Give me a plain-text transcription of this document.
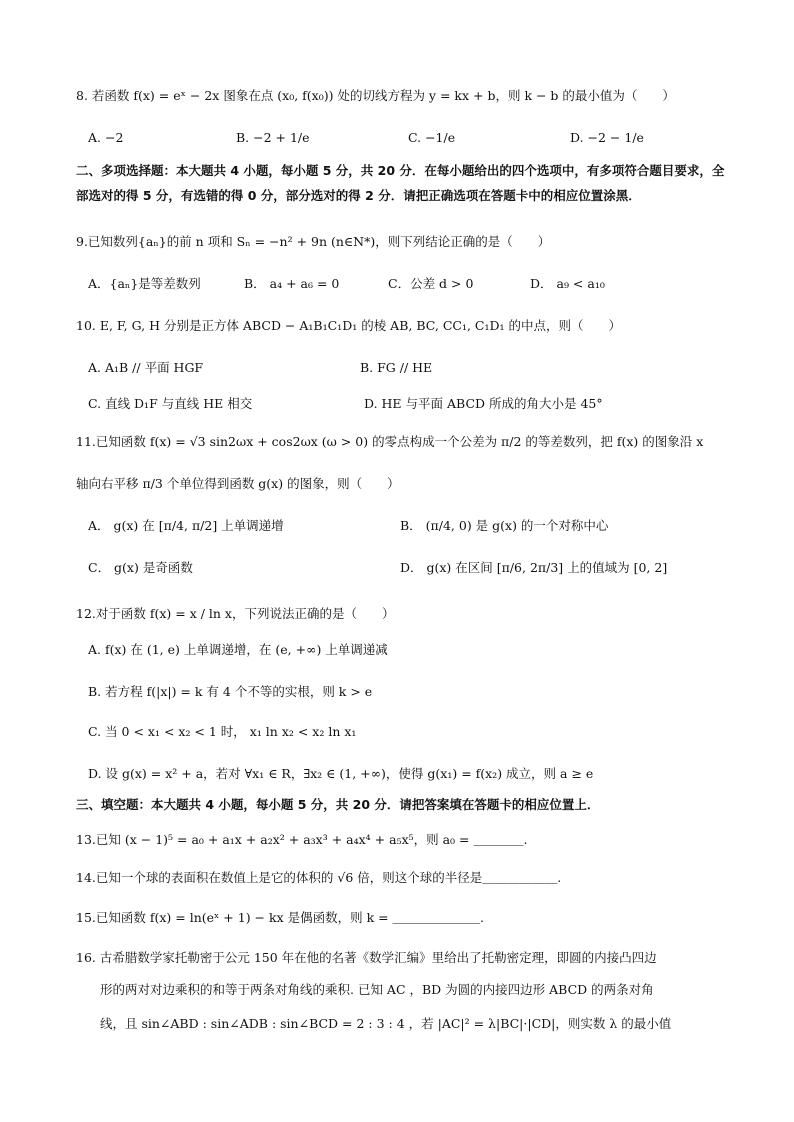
8. 若函数 f(x) = eˣ − 2x 图象在点 (x₀, f(x₀)) 处的切线方程为 y = kx + b，则 k − b 的最小值为（　　）
A. −2	B. −2 + 1/e	C. −1/e	D. −2 − 1/e
二、多项选择题：本大题共 4 小题，每小题 5 分，共 20 分．在每小题给出的四个选项中，有多项符合题目要求，全部选对的得 5 分，有选错的得 0 分，部分选对的得 2 分．请把正确选项在答题卡中的相应位置涂黑．
9.已知数列{aₙ}的前 n 项和 Sₙ = −n² + 9n (n∈N*)，则下列结论正确的是（　　）
A．{aₙ}是等差数列	B． a₄ + a₆ = 0	C．公差 d > 0	D． a₉ < a₁₀
10. E, F, G, H 分别是正方体 ABCD − A₁B₁C₁D₁ 的棱 AB, BC, CC₁, C₁D₁ 的中点，则（　　）
A. A₁B // 平面 HGF	B. FG // HE
C. 直线 D₁F 与直线 HE 相交	D. HE 与平面 ABCD 所成的角大小是 45°
11.已知函数 f(x) = √3 sin2ωx + cos2ωx (ω > 0) 的零点构成一个公差为 π/2 的等差数列，把 f(x) 的图象沿 x
轴向右平移 π/3 个单位得到函数 g(x) 的图象，则（　　）
A． g(x) 在 [π/4, π/2] 上单调递增	B． (π/4, 0) 是 g(x) 的一个对称中心
C． g(x) 是奇函数	D． g(x) 在区间 [π/6, 2π/3] 上的值域为 [0, 2]
12.对于函数 f(x) = x / ln x，下列说法正确的是（　　）
A. f(x) 在 (1, e) 上单调递增，在 (e, +∞) 上单调递减
B. 若方程 f(|x|) = k 有 4 个不等的实根，则 k > e
C. 当 0 < x₁ < x₂ < 1 时， x₁ ln x₂ < x₂ ln x₁
D. 设 g(x) = x² + a，若对 ∀x₁ ∈ R，∃x₂ ∈ (1, +∞)，使得 g(x₁) = f(x₂) 成立，则 a ≥ e
三、填空题：本大题共 4 小题，每小题 5 分，共 20 分．请把答案填在答题卡的相应位置上．
13.已知 (x − 1)⁵ = a₀ + a₁x + a₂x² + a₃x³ + a₄x⁴ + a₅x⁵，则 a₀ = ＿＿＿＿.
14.已知一个球的表面积在数值上是它的体积的 √6 倍，则这个球的半径是＿＿＿＿＿＿.
15.已知函数 f(x) = ln(eˣ + 1) − kx 是偶函数，则 k = ＿＿＿＿＿＿＿.
16. 古希腊数学家托勒密于公元 150 年在他的名著《数学汇编》里给出了托勒密定理，即圆的内接凸四边
形的两对对边乘积的和等于两条对角线的乘积. 已知 AC ，BD 为圆的内接四边形 ABCD 的两条对角
线，且 sin∠ABD : sin∠ADB : sin∠BCD = 2 : 3 : 4 ，若 |AC|² = λ|BC|·|CD|，则实数 λ 的最小值
